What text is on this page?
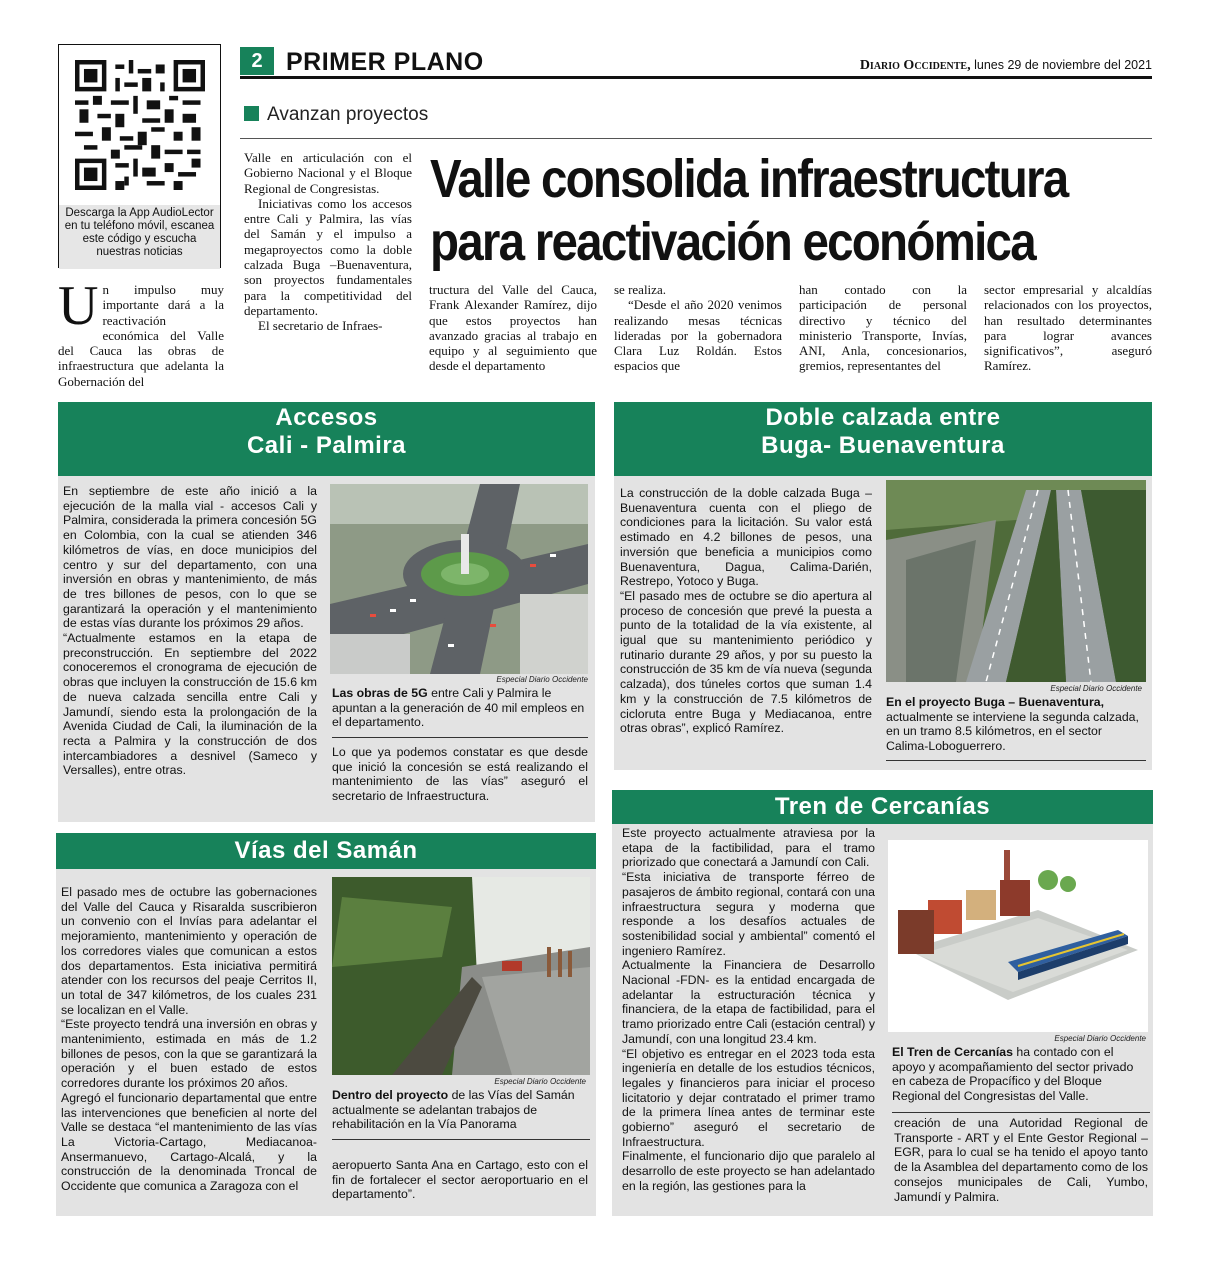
Descarga la App AudioLector en tu teléfono móvil, escanea este código y escucha nuestras noticias
2 PRIMER PLANO	Diario Occidente, lunes 29 de noviembre del 2021
Avanzan proyectos
Valle consolida infraestructura
para reactivación económica
Un impulso muy importante dará a la reactivación económica del Valle del Cauca las obras de infraestructura que adelanta la Gobernación del
Valle en articulación con el Gobierno Nacional y el Bloque Regional de Congresistas.

Iniciativas como los accesos entre Cali y Palmira, las vías del Samán y el impulso a megaproyectos como la doble calzada Buga –Buenaventura, son proyectos fundamentales para la competitividad del departamento.

El secretario de Infraes-

tructura del Valle del Cauca, Frank Alexander Ramírez, dijo que estos proyectos han avanzado gracias al trabajo en equipo y al seguimiento que desde el departamento
se realiza.

“Desde el año 2020 venimos realizando mesas técnicas lideradas por la gobernadora Clara Luz Roldán. Estos espacios que

han contado con la participación de personal directivo y técnico del ministerio Transporte, Invías, ANI, Anla, concesionarios, gremios, representantes del
sector empresarial y alcaldías relacionados con los proyectos, han resultado determinantes para lograr avances significativos”, aseguró Ramírez.
Accesos
Cali - Palmira
En septiembre de este año inició a la ejecución de la malla vial - accesos Cali y Palmira, considerada la primera concesión 5G en Colombia, con la cual se atienden 346 kilómetros de vías, en doce municipios del centro y sur del departamento, con una inversión en obras y mantenimiento, de más de tres billones de pesos, con lo que se garantizará la operación y el mantenimiento de estas vías durante los próximos 29 años.
“Actualmente estamos en la etapa de preconstrucción. En septiembre del 2022 conoceremos el cronograma de ejecución de obras que incluyen la construcción de 15.6 km de nueva calzada sencilla entre Cali y Jamundí, siendo esta la prolongación de la Avenida Ciudad de Cali, la iluminación de la recta a Palmira y la construcción de dos intercambiadores a desnivel (Sameco y Versalles), entre otras.
Especial Diario Occidente
Las obras de 5G entre Cali y Palmira le apuntan a la generación de 40 mil empleos en el departamento.
Lo que ya podemos constatar es que desde que inició la concesión se está realizando el mantenimiento de las vías” aseguró el secretario de Infraestructura.
Doble calzada entre
Buga- Buenaventura
La construcción de la doble calzada Buga – Buenaventura cuenta con el pliego de condiciones para la licitación. Su valor está estimado en 4.2 billones de pesos, una inversión que beneficia a municipios como Buenaventura, Dagua, Calima-Darién, Restrepo, Yotoco y Buga.
“El pasado mes de octubre se dio apertura al proceso de concesión que prevé la puesta a punto de la totalidad de la vía existente, al igual que su mantenimiento periódico y rutinario durante 29 años, y por su puesto la construcción de 35 km de vía nueva (segunda calzada), dos túneles cortos que suman 1.4 km y la construcción de 7.5 kilómetros de cicloruta entre Buga y Mediacanoa, entre otras obras”, explicó Ramírez.
Especial Diario Occidente
En el proyecto Buga – Buenaventura, actualmente se interviene la segunda calzada, en un tramo 8.5 kilómetros, en el sector Calima-Loboguerrero.
Vías del Samán
El pasado mes de octubre las gobernaciones del Valle del Cauca y Risaralda suscribieron un convenio con el Invías para adelantar el mejoramiento, mantenimiento y operación de los corredores viales que comunican a estos dos departamentos. Esta iniciativa permitirá atender con los recursos del peaje Cerritos II, un total de 347 kilómetros, de los cuales 231 se localizan en el Valle.
“Este proyecto tendrá una inversión en obras y mantenimiento, estimada en más de 1.2 billones de pesos, con la que se garantizará la operación y el buen estado de estos corredores durante los próximos 20 años.
Agregó el funcionario departamental que entre las intervenciones que beneficien al norte del Valle se destaca “el mantenimiento de las vías La Victoria-Cartago, Mediacanoa-Ansermanuevo, Cartago-Alcalá, y la construcción de la denominada Troncal de Occidente que comunica a Zaragoza con el
Especial Diario Occidente
Dentro del proyecto de las Vías del Samán actualmente se adelantan trabajos de rehabilitación en la Vía Panorama
aeropuerto Santa Ana en Cartago, esto con el fin de fortalecer el sector aeroportuario en el departamento”.
Tren de Cercanías
Este proyecto actualmente atraviesa por la etapa de la factibilidad, para el tramo priorizado que conectará a Jamundí con Cali.
“Esta iniciativa de transporte férreo de pasajeros de ámbito regional, contará con una infraestructura segura y moderna que responde a los desafíos actuales de sostenibilidad social y ambiental” comentó el ingeniero Ramírez.
Actualmente la Financiera de Desarrollo Nacional -FDN- es la entidad encargada de adelantar la estructuración técnica y financiera, de la etapa de factibilidad, para el tramo priorizado entre Cali (estación central) y Jamundí, con una longitud 23.4 km.
“El objetivo es entregar en el 2023 toda esta ingeniería en detalle de los estudios técnicos, legales y financieros para iniciar el proceso licitatorio y dejar contratado el primer tramo de la primera línea antes de terminar este gobierno” aseguró el secretario de Infraestructura.
Finalmente, el funcionario dijo que paralelo al desarrollo de este proyecto se han adelantado en la región, las gestiones para la
Especial Diario Occidente
El Tren de Cercanías ha contado con el apoyo y acompañamiento del sector privado en cabeza de Propacífico y del Bloque Regional del Congresistas del Valle.
creación de una Autoridad Regional de Transporte - ART y el Ente Gestor Regional – EGR, para lo cual se ha tenido el apoyo tanto de la Asamblea del departamento como de los consejos municipales de Cali, Yumbo, Jamundí y Palmira.
